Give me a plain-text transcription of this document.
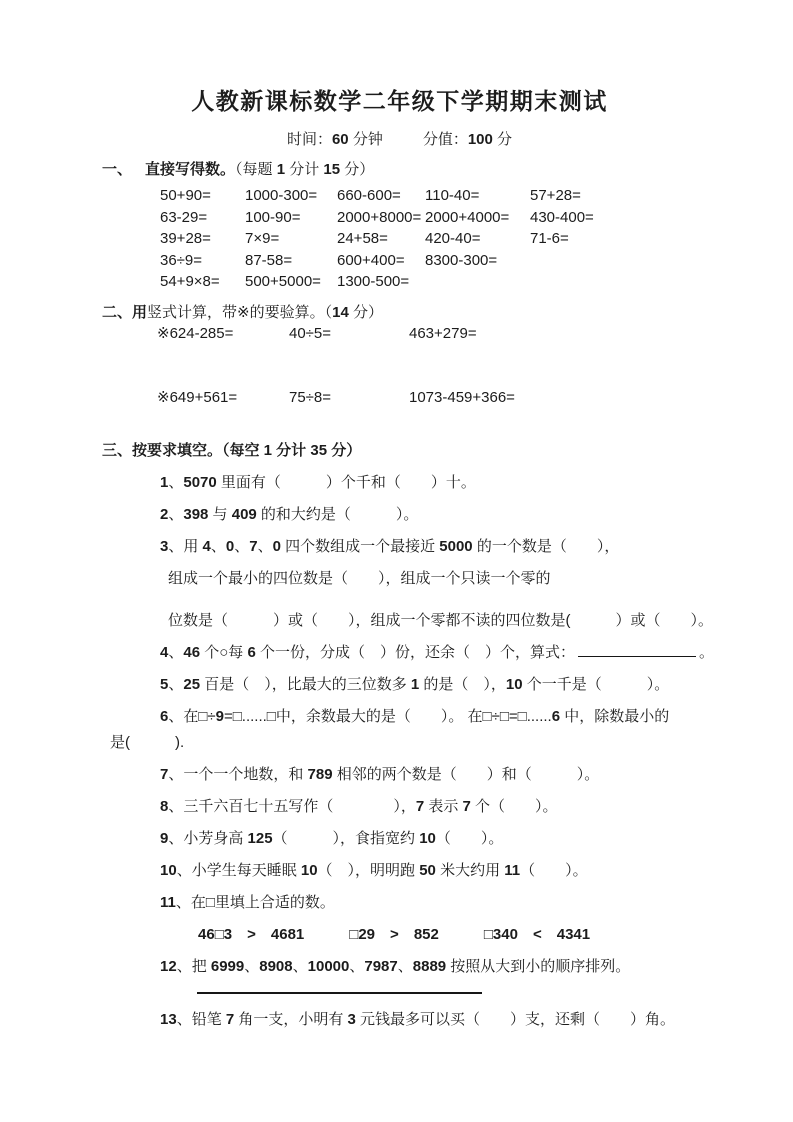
人教新课标数学二年级下学期期末测试
时间：60 分钟	分值：100 分
一、 直接写得数。（每题 1 分计 15 分）
50+90=	1000-300=	660-600=	110-40=	57+28=
63-29=	100-90=	2000+8000= 2000+4000=	430-400=
39+28=	7×9=	24+58=	420-40=	71-6=
36÷9=	87-58=	600+400=	8300-300=
54+9×8=	500+5000=	1300-500=
二、用竖式计算，带※的要验算。（14 分）
※624-285=	40÷5=	463+279=
※649+561=	75÷8=	1073-459+366=
三、按要求填空。（每空 1 分计 35 分）
1、5070 里面有（　　　）个千和（　　）十。
2、398 与 409 的和大约是（　　　）。
3、用 4、0、7、0 四个数组成一个最接近 5000 的一个数是（　　），
组成一个最小的四位数是（　　），组成一个只读一个零的
位数是（　　　）或（　　），组成一个零都不读的四位数是(　　　）或（　　）。
4、46 个○每 6 个一份，分成（　）份，还余（　）个，算式：	。
5、25 百是（　），比最大的三位数多 1 的是（　），10 个一千是（　　　）。
6、在□÷9=□......□中，余数最大的是（　　）。 在□÷□=□......6 中，除数最小的
是(　　　).
7、一个一个地数，和 789 相邻的两个数是（　　）和（　　　）。
8、三千六百七十五写作（　　　　），7 表示 7 个（　　）。
9、小芳身高 125（　　　），食指宽约 10（　　）。
10、小学生每天睡眠 10（　），明明跑 50 米大约用 11（　　）。
11、在□里填上合适的数。
46□3　 >　 4681　　　□29　 >　 852　　　□340　 <　 4341
12、把 6999、8908、10000、7987、8889 按照从大到小的顺序排列。
13、铅笔 7 角一支，小明有 3 元钱最多可以买（　　）支，还剩（　　）角。
